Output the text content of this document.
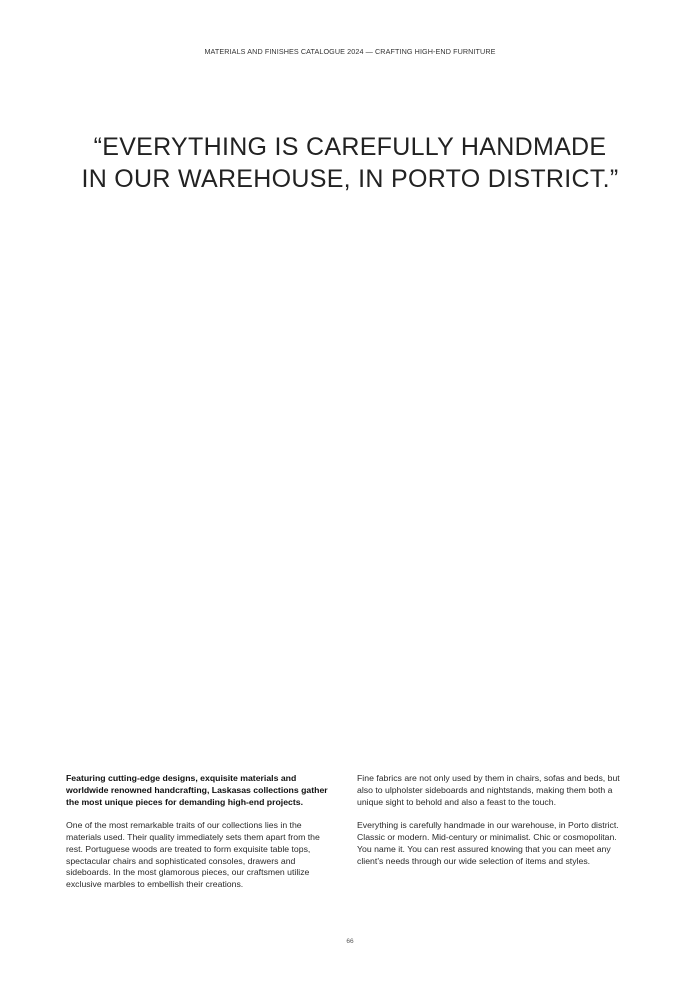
MATERIALS AND FINISHES CATALOGUE 2024 — CRAFTING HIGH-END FURNITURE
“EVERYTHING IS CAREFULLY HANDMADE
IN OUR WAREHOUSE, IN PORTO DISTRICT.”

Featuring cutting-edge designs, exquisite materials and worldwide renowned handcrafting, Laskasas collections gather the most unique pieces for demanding high-end projects.

One of the most remarkable traits of our collections lies in the materials used. Their quality immediately sets them apart from the rest. Portuguese woods are treated to form exquisite table tops, spectacular chairs and sophisticated consoles, drawers and sideboards. In the most glamorous pieces, our craftsmen utilize exclusive marbles to embellish their creations.

Fine fabrics are not only used by them in chairs, sofas and beds, but also to ulpholster sideboards and nightstands, making them both a unique sight to behold and also a feast to the touch.

Everything is carefully handmade in our warehouse, in Porto district. Classic or modern. Mid-century or minimalist. Chic or cosmopolitan.

You name it. You can rest assured knowing that you can meet any client’s needs through our wide selection of items and styles.

66
